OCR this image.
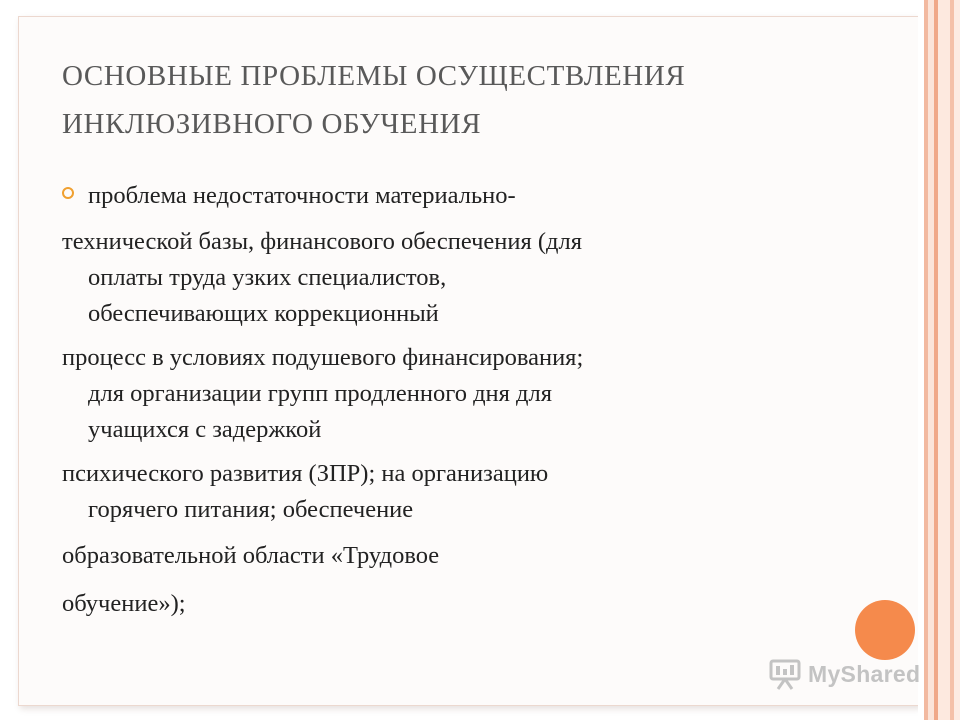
ОСНОВНЫЕ ПРОБЛЕМЫ ОСУЩЕСТВЛЕНИЯ
ИНКЛЮЗИВНОГО ОБУЧЕНИЯ
проблема недостаточности материально-
технической базы, финансового обеспечения (для
оплаты труда узких специалистов,
обеспечивающих коррекционный
процесс в условиях подушевого финансирования;
для организации групп продленного дня для
учащихся с задержкой
психического развития (ЗПР); на организацию
горячего питания; обеспечение
образовательной области «Трудовое
обучение»);
MyShared
